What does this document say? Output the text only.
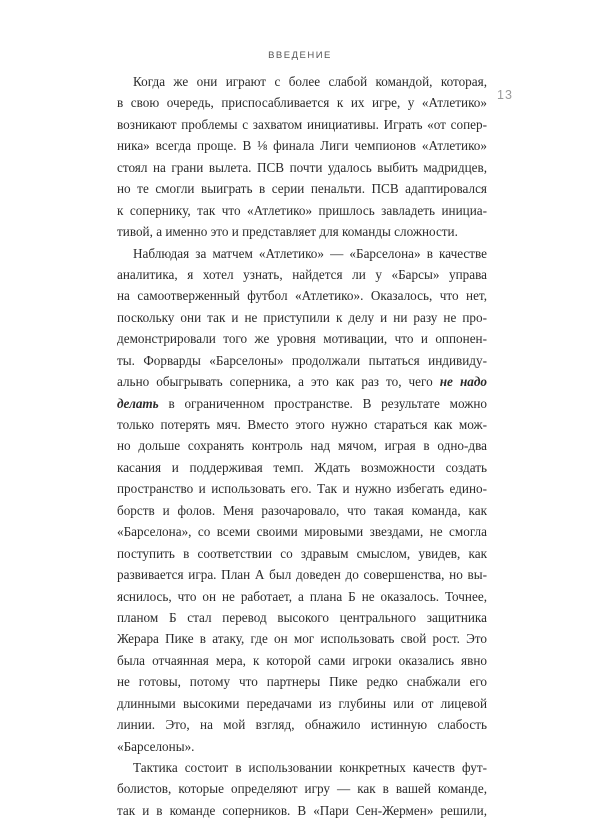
ВВЕДЕНИЕ
13
Когда же они играют с более слабой командой, которая,
в свою очередь, приспосабливается к их игре, у «Атлетико»
возникают проблемы с захватом инициативы. Играть «от сопер-
ника» всегда проще. В ⅛ финала Лиги чемпионов «Атлетико»
стоял на грани вылета. ПСВ почти удалось выбить мадридцев,
но те смогли выиграть в серии пенальти. ПСВ адаптировался
к сопернику, так что «Атлетико» пришлось завладеть инициа-
тивой, а именно это и представляет для команды сложности.
Наблюдая за матчем «Атлетико» — «Барселона» в качестве
аналитика, я хотел узнать, найдется ли у «Барсы» управа
на самоотверженный футбол «Атлетико». Оказалось, что нет,
поскольку они так и не приступили к делу и ни разу не про-
демонстрировали того же уровня мотивации, что и оппонен-
ты. Форварды «Барселоны» продолжали пытаться индивиду-
ально обыгрывать соперника, а это как раз то, чего не надо
делать в ограниченном пространстве. В результате можно
только потерять мяч. Вместо этого нужно стараться как мож-
но дольше сохранять контроль над мячом, играя в одно-два
касания и поддерживая темп. Ждать возможности создать
пространство и использовать его. Так и нужно избегать едино-
борств и фолов. Меня разочаровало, что такая команда, как
«Барселона», со всеми своими мировыми звездами, не смогла
поступить в соответствии со здравым смыслом, увидев, как
развивается игра. План А был доведен до совершенства, но вы-
яснилось, что он не работает, а плана Б не оказалось. Точнее,
планом Б стал перевод высокого центрального защитника
Жерара Пике в атаку, где он мог использовать свой рост. Это
была отчаянная мера, к которой сами игроки оказались явно
не готовы, потому что партнеры Пике редко снабжали его
длинными высокими передачами из глубины или от лицевой
линии. Это, на мой взгляд, обнажило истинную слабость
«Барселоны».
Тактика состоит в использовании конкретных качеств фут-
болистов, которые определяют игру — как в вашей команде,
так и в команде соперников. В «Пари Сен-Жермен» решили,
